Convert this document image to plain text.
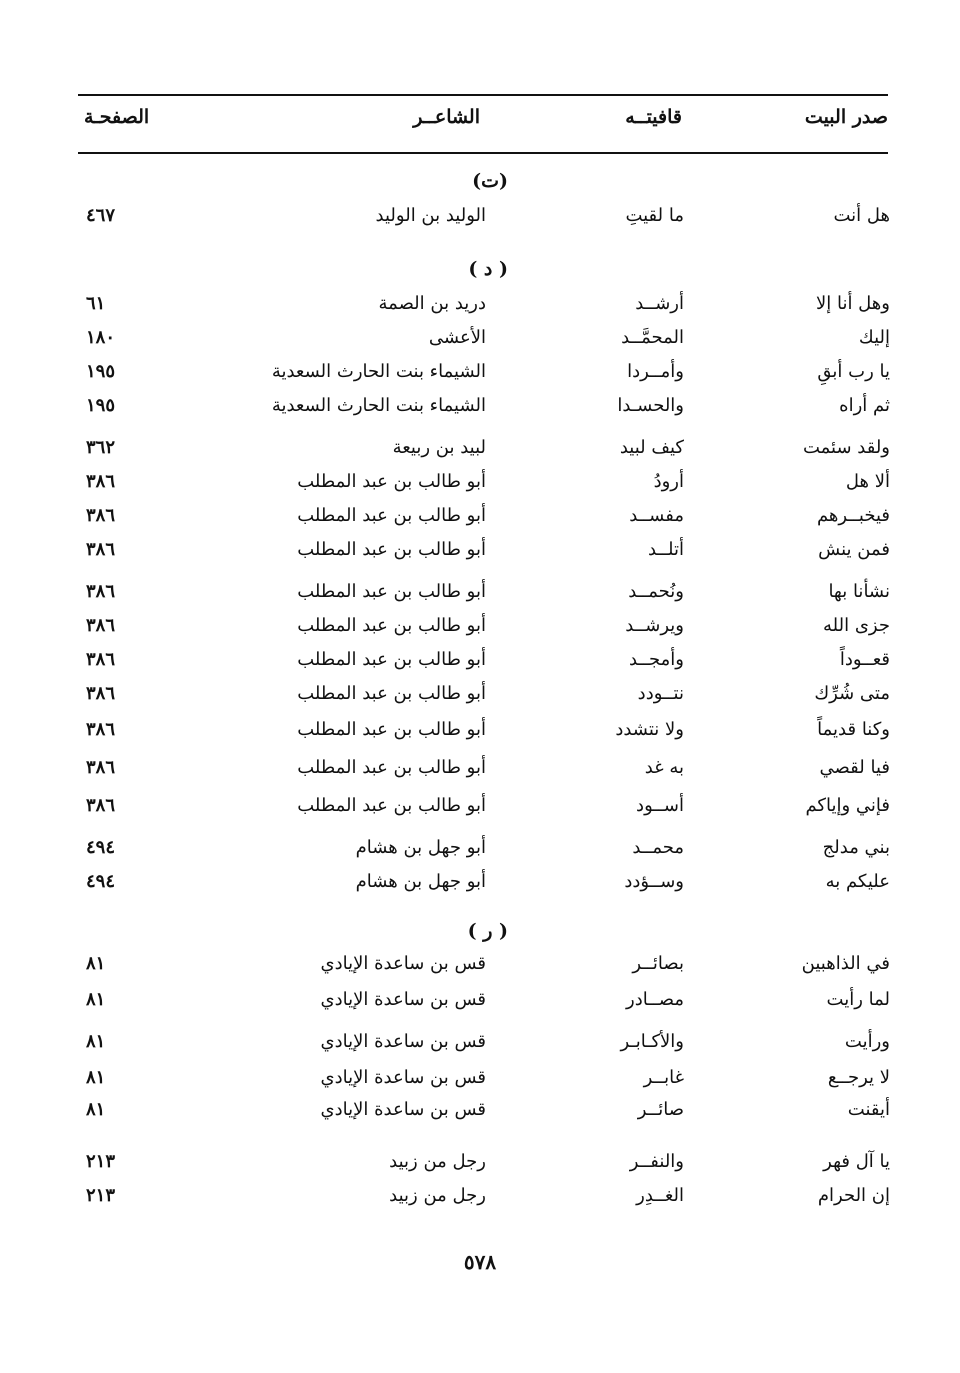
صدر البيت
قافيتــه
الشاعــر
الصفحـة
(ت)
هل أنت
ما لقيتِ
الوليد بن الوليد
٤٦٧
( د )
وهل أنا إلا
أرشــد
دريد بن الصمة
٦١
إليك
المحمَّــد
الأعشى
١٨٠
يا رب أبقِ
وأمــردا
الشيماء بنت الحارث السعدية
١٩٥
ثم أراه
والحسـدا
الشيماء بنت الحارث السعدية
١٩٥
ولقد سئمت
كيف لبيد
لبيد بن ربيعة
٣٦٢
ألا هل
أرودُ
أبو طالب بن عبد المطلب
٣٨٦
فيخبــرهم
مفســد
أبو طالب بن عبد المطلب
٣٨٦
فمن ينش
أتلــد
أبو طالب بن عبد المطلب
٣٨٦
نشأنا بها
ونُحمــد
أبو طالب بن عبد المطلب
٣٨٦
جزى الله
ويرشــد
أبو طالب بن عبد المطلب
٣٨٦
قعــوداً
وأمجــد
أبو طالب بن عبد المطلب
٣٨٦
متى شُرِّك
نتــودد
أبو طالب بن عبد المطلب
٣٨٦
وكنا قديماً
ولا نتشدد
أبو طالب بن عبد المطلب
٣٨٦
فيا لقصي
به غد
أبو طالب بن عبد المطلب
٣٨٦
فإني وإياكم
أســود
أبو طالب بن عبد المطلب
٣٨٦
بني مدلج
محمــد
أبو جهل بن هشام
٤٩٤
عليكم به
وســؤدد
أبو جهل بن هشام
٤٩٤
( ر )
في الذاهبين
بصائــر
قس بن ساعدة الإيادي
٨١
لما رأيت
مصــادر
قس بن ساعدة الإيادي
٨١
ورأيت
والأكـابـر
قس بن ساعدة الإيادي
٨١
لا يرجــع
غابــر
قس بن ساعدة الإيادي
٨١
أيقنت
صائــر
قس بن ساعدة الإيادي
٨١
يا آل فهر
والنفــر
رجل من زبيد
٢١٣
إن الحرام
الغــدِر
رجل من زبيد
٢١٣
٥٧٨
